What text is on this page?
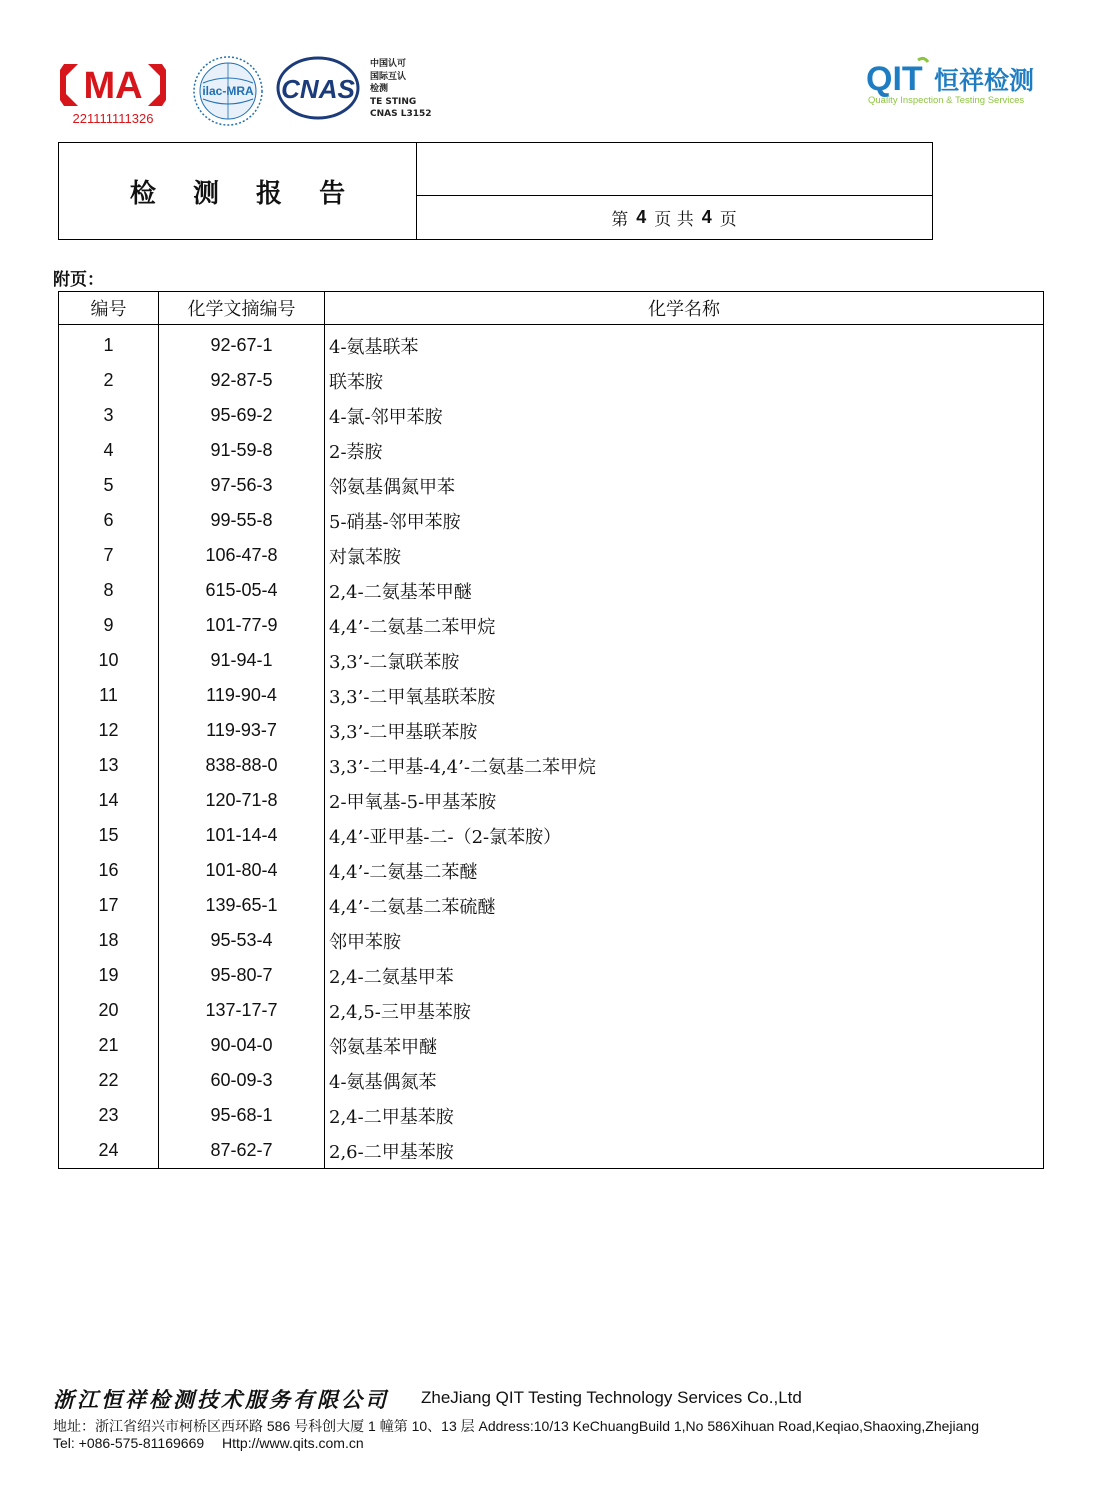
MA
221111111326
ilac-MRA CNAS
中国认可
国际互认
检测
TE STING
CNAS L3152
QIT 恒祥检测
Quality Inspection & Testing Services
检 测 报 告
第 4 页 共 4 页
附页：
编号	化学文摘编号	化学名称
1	92-67-1	4-氨基联苯
2	92-87-5	联苯胺
3	95-69-2	4-氯-邻甲苯胺
4	91-59-8	2-萘胺
5	97-56-3	邻氨基偶氮甲苯
6	99-55-8	5-硝基-邻甲苯胺
7	106-47-8	对氯苯胺
8	615-05-4	2,4-二氨基苯甲醚
9	101-77-9	4,4’-二氨基二苯甲烷
10	91-94-1	3,3’-二氯联苯胺
11	119-90-4	3,3’-二甲氧基联苯胺
12	119-93-7	3,3’-二甲基联苯胺
13	838-88-0	3,3’-二甲基-4,4’-二氨基二苯甲烷
14	120-71-8	2-甲氧基-5-甲基苯胺
15	101-14-4	4,4’-亚甲基-二-（2-氯苯胺）
16	101-80-4	4,4’-二氨基二苯醚
17	139-65-1	4,4’-二氨基二苯硫醚
18	95-53-4	邻甲苯胺
19	95-80-7	2,4-二氨基甲苯
20	137-17-7	2,4,5-三甲基苯胺
21	90-04-0	邻氨基苯甲醚
22	60-09-3	4-氨基偶氮苯
23	95-68-1	2,4-二甲基苯胺
24	87-62-7	2,6-二甲基苯胺
浙江恒祥检测技术服务有限公司 ZheJiang QIT Testing Technology Services Co.,Ltd
地址：浙江省绍兴市柯桥区西环路 586 号科创大厦 1 幢第 10、13 层 Address:10/13 KeChuangBuild 1,No 586Xihuan Road,Keqiao,Shaoxing,Zhejiang
Tel: +086-575-81169669 Http://www.qits.com.cn
